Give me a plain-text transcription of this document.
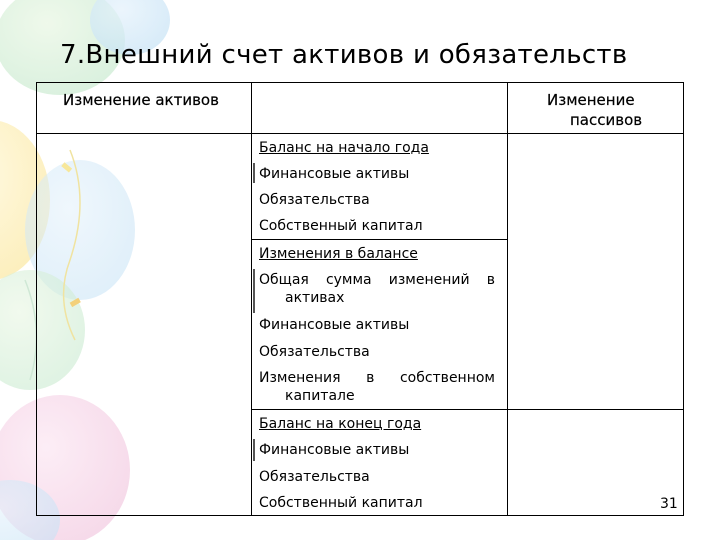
7.Внешний счет активов и обязательств
Изменение активов	Изменение
пассивов
Баланс на начало года
Финансовые активы
Обязательства
Собственный капитал
Изменения в балансе
Общая сумма изменений в
активах
Финансовые активы
Обязательства
Изменения в собственном
капитале
Баланс на конец года
Финансовые активы
Обязательства
Собственный капитал	31
